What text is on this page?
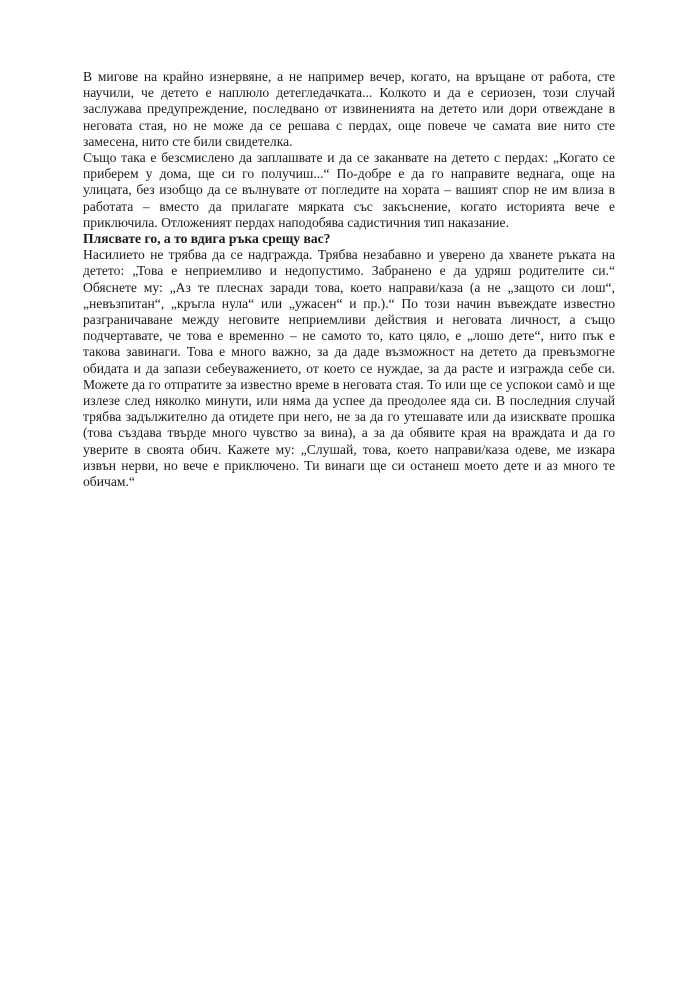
В мигове на крайно изнервяне, а не например вечер, когато, на връщане от работа, сте научили, че детето е наплюло детегледачката... Колкото и да е сериозен, този случай заслужава предупреждение, последвано от извиненията на детето или дори отвеждане в неговата стая, но не може да се решава с пердах, още повече че самата вие нито сте замесена, нито сте били свидетелка.

Също така е безсмислено да заплашвате и да се заканвате на детето с пердах: „Когато се приберем у дома, ще си го получиш...“ По-добре е да го направите веднага, още на улицата, без изобщо да се вълнувате от погледите на хората – вашият спор не им влиза в работата – вместо да прилагате мярката със закъснение, когато историята вече е приключила. Отложеният пердах наподобява садистичния тип наказание.

Плясвате го, а то вдига ръка срещу вас?

Насилието не трябва да се надгражда. Трябва незабавно и уверено да хванете ръката на детето: „Това е неприемливо и недопустимо. Забранено е да удряш родителите си.“ Обяснете му: „Аз те плеснах заради това, което направи/каза (а не „защото си лош“, „невъзпитан“, „кръгла нула“ или „ужасен“ и пр.).“ По този начин въвеждате известно разграничаване между неговите неприемливи действия и неговата личност, а също подчертавате, че това е временно – не самото то, като цяло, е „лошо дете“, нито пък е такова завинаги. Това е много важно, за да даде възможност на детето да превъзмогне обидата и да запази себеуважението, от което се нуждае, за да расте и изгражда себе си. Можете да го отпратите за известно време в неговата стая. То или ще се успокои самò и ще излезе след няколко минути, или няма да успее да преодолее яда си. В последния случай трябва задължително да отидете при него, не за да го утешавате или да изисквате прошка (това създава твърде много чувство за вина), а за да обявите края на враждата и да го уверите в своята обич. Кажете му: „Слушай, това, което направи/каза одеве, ме изкара извън нерви, но вече е приключено. Ти винаги ще си останеш моето дете и аз много те обичам.“
